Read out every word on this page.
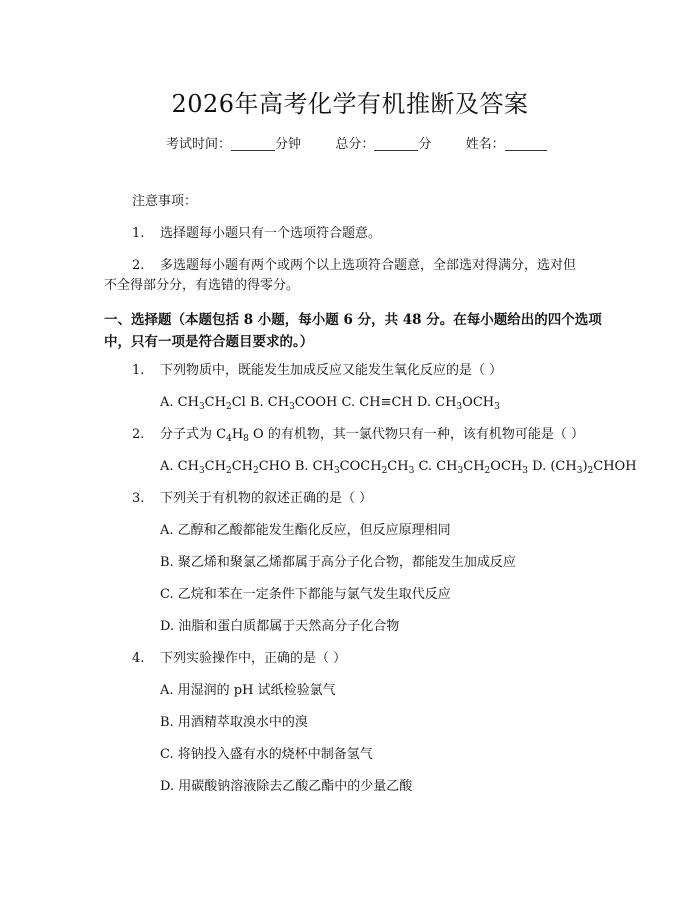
2026年高考化学有机推断及答案
考试时间：	分钟	总分：	分	姓名：
注意事项：
1. 选择题每小题只有一个选项符合题意。
2. 多选题每小题有两个或两个以上选项符合题意，全部选对得满分，选对但
不全得部分分，有选错的得零分。
一、选择题（本题包括 8 小题，每小题 6 分，共 48 分。在每小题给出的四个选项
中，只有一项是符合题目要求的。）
1. 下列物质中，既能发生加成反应又能发生氧化反应的是（ ）
A. $CH_3CH_2Cl$ B. $CH_3COOH$ C. CH≡CH D. $CH_3OCH_3$
2. 分子式为 $C_4H_8$ O 的有机物，其一氯代物只有一种，该有机物可能是（ ）
A. $CH_3CH_2CH_2CHO$ B. $CH_3COCH_2CH_3$ C. $CH_3CH_2OCH_3$ D. $(CH_3)_2CHOH$
3. 下列关于有机物的叙述正确的是（ ）
A. 乙醇和乙酸都能发生酯化反应，但反应原理相同
B. 聚乙烯和聚氯乙烯都属于高分子化合物，都能发生加成反应
C. 乙烷和苯在一定条件下都能与氯气发生取代反应
D. 油脂和蛋白质都属于天然高分子化合物
4. 下列实验操作中，正确的是（ ）
A. 用湿润的 pH 试纸检验氯气
B. 用酒精萃取溴水中的溴
C. 将钠投入盛有水的烧杯中制备氢气
D. 用碳酸钠溶液除去乙酸乙酯中的少量乙酸
